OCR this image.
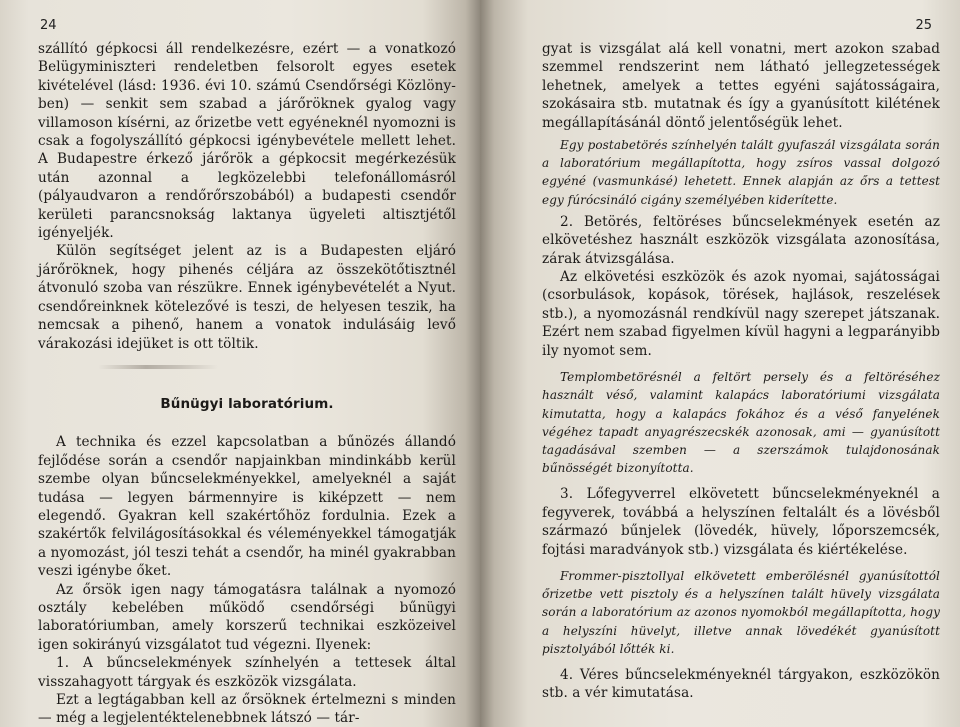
24

szállító gépkocsi áll rendelkezésre, ezért — a vonatkozó Belügyminiszteri rendeletben felsorolt egyes esetek kivételével (lásd: 1936. évi 10. számú Csendőrségi Közlöny-ben) — senkit sem szabad a járőröknek gyalog vagy villamoson kísérni, az őrizetbe vett egyéneknél nyomozni is csak a fogolyszállító gépkocsi igénybevétele mellett lehet. A Budapestre érkező járőrök a gépkocsit megérkezésük után azonnal a legközelebbi telefonállomásról (pályaudvaron a rendőrőrszobából) a budapesti csendőr kerületi parancsnokság laktanya ügyeleti altisztjétől igényeljék.

Külön segítséget jelent az is a Budapesten eljáró járőröknek, hogy pihenés céljára az összekötőtisztnél átvonuló szoba van részükre. Ennek igénybevételét a Nyut. csendőreinknek kötelezővé is teszi, de helyesen teszik, ha nemcsak a pihenő, hanem a vonatok indulásáig levő várakozási idejüket is ott töltik.

Bűnügyi laboratórium.

A technika és ezzel kapcsolatban a bűnözés állandó fejlődése során a csendőr napjainkban mindinkább kerül szembe olyan bűncselekményekkel, amelyeknél a saját tudása — legyen bármennyire is kiképzett — nem elegendő. Gyakran kell szakértőhöz fordulnia. Ezek a szakértők felvilágosításokkal és véleményekkel támogatják a nyomozást, jól teszi tehát a csendőr, ha minél gyakrabban veszi igénybe őket.

Az őrsök igen nagy támogatásra találnak a nyomozó osztály kebelében működő csendőrségi bűnügyi laboratóriumban, amely korszerű technikai eszközeivel igen sokirányú vizsgálatot tud végezni. Ilyenek:

1. A bűncselekmények színhelyén a tettesek által visszahagyott tárgyak és eszközök vizsgálata.

Ezt a legtágabban kell az őrsöknek értelmezni s minden — még a legjelentéktelenebbnek látszó — tár-

25

gyat is vizsgálat alá kell vonatni, mert azokon szabad szemmel rendszerint nem látható jellegzetességek lehetnek, amelyek a tettes egyéni sajátosságaira, szokásaira stb. mutatnak és így a gyanúsított kilétének megállapításánál döntő jelentőségük lehet.

Egy postabetörés színhelyén talált gyufaszál vizsgálata során a laboratórium megállapította, hogy zsíros vassal dolgozó egyéné (vasmunkásé) lehetett. Ennek alapján az őrs a tettest egy fúrócsináló cigány személyében kiderítette.

2. Betörés, feltöréses bűncselekmények esetén az elkövetéshez használt eszközök vizsgálata azonosítása, zárak átvizsgálása.

Az elkövetési eszközök és azok nyomai, sajátosságai (csorbulások, kopások, törések, hajlások, reszelések stb.), a nyomozásnál rendkívül nagy szerepet játszanak. Ezért nem szabad figyelmen kívül hagyni a legparányibb ily nyomot sem.

Templombetörésnél a feltört persely és a feltöréséhez használt véső, valamint kalapács laboratóriumi vizsgálata kimutatta, hogy a kalapács fokához és a véső fanyelének végéhez tapadt anyagrészecskék azonosak, ami — gyanúsított tagadásával szemben — a szerszámok tulajdonosának bűnösségét bizonyította.

3. Lőfegyverrel elkövetett bűncselekményeknél a fegyverek, továbbá a helyszínen feltalált és a lövésből származó bűnjelek (lövedék, hüvely, lőporszemcsék, fojtási maradványok stb.) vizsgálata és kiértékelése.

Frommer-pisztollyal elkövetett emberölésnél gyanúsítottól őrizetbe vett pisztoly és a helyszínen talált hüvely vizsgálata során a laboratórium az azonos nyomokból megállapította, hogy a helyszíni hüvelyt, illetve annak lövedékét gyanúsított pisztolyából lőtték ki.

4. Véres bűncselekményeknél tárgyakon, eszközökön stb. a vér kimutatása.
